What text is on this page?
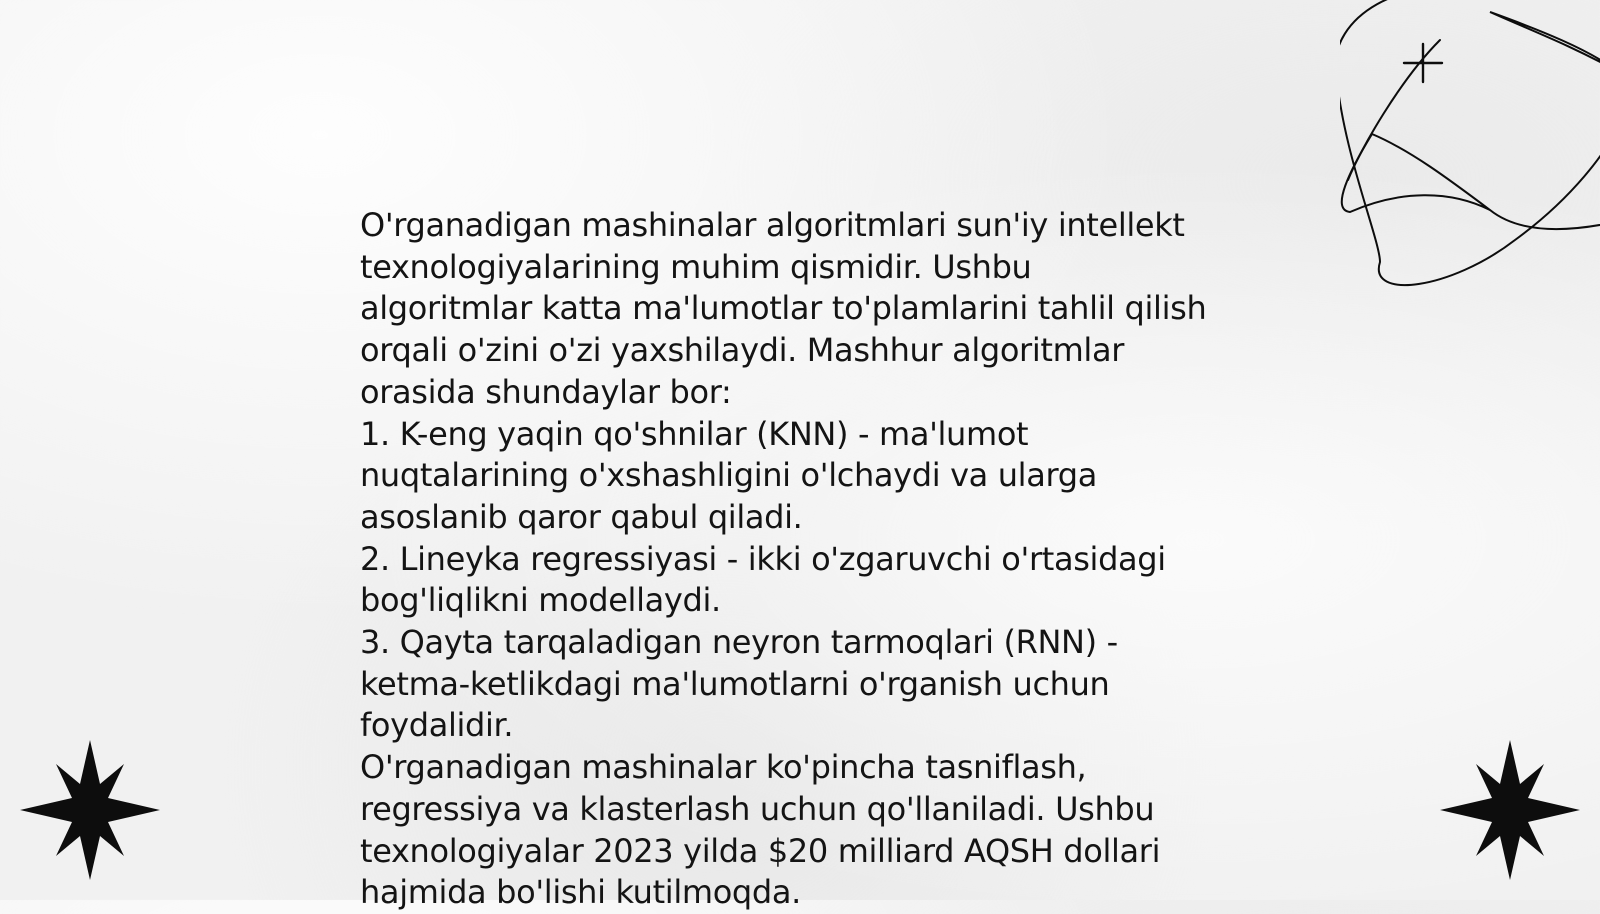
O'rganadigan mashinalar algoritmlari sun'iy intellekt
texnologiyalarining muhim qismidir. Ushbu
algoritmlar katta ma'lumotlar to'plamlarini tahlil qilish
orqali o'zini o'zi yaxshilaydi. Mashhur algoritmlar
orasida shundaylar bor:
1. K-eng yaqin qo'shnilar (KNN) - ma'lumot
nuqtalarining o'xshashligini o'lchaydi va ularga
asoslanib qaror qabul qiladi.
2. Lineyka regressiyasi - ikki o'zgaruvchi o'rtasidagi
bog'liqlikni modellaydi.
3. Qayta tarqaladigan neyron tarmoqlari (RNN) -
ketma-ketlikdagi ma'lumotlarni o'rganish uchun
foydalidir.
O'rganadigan mashinalar ko'pincha tasniflash,
regressiya va klasterlash uchun qo'llaniladi. Ushbu
texnologiyalar 2023 yilda $20 milliard AQSH dollari
hajmida bo'lishi kutilmoqda.
